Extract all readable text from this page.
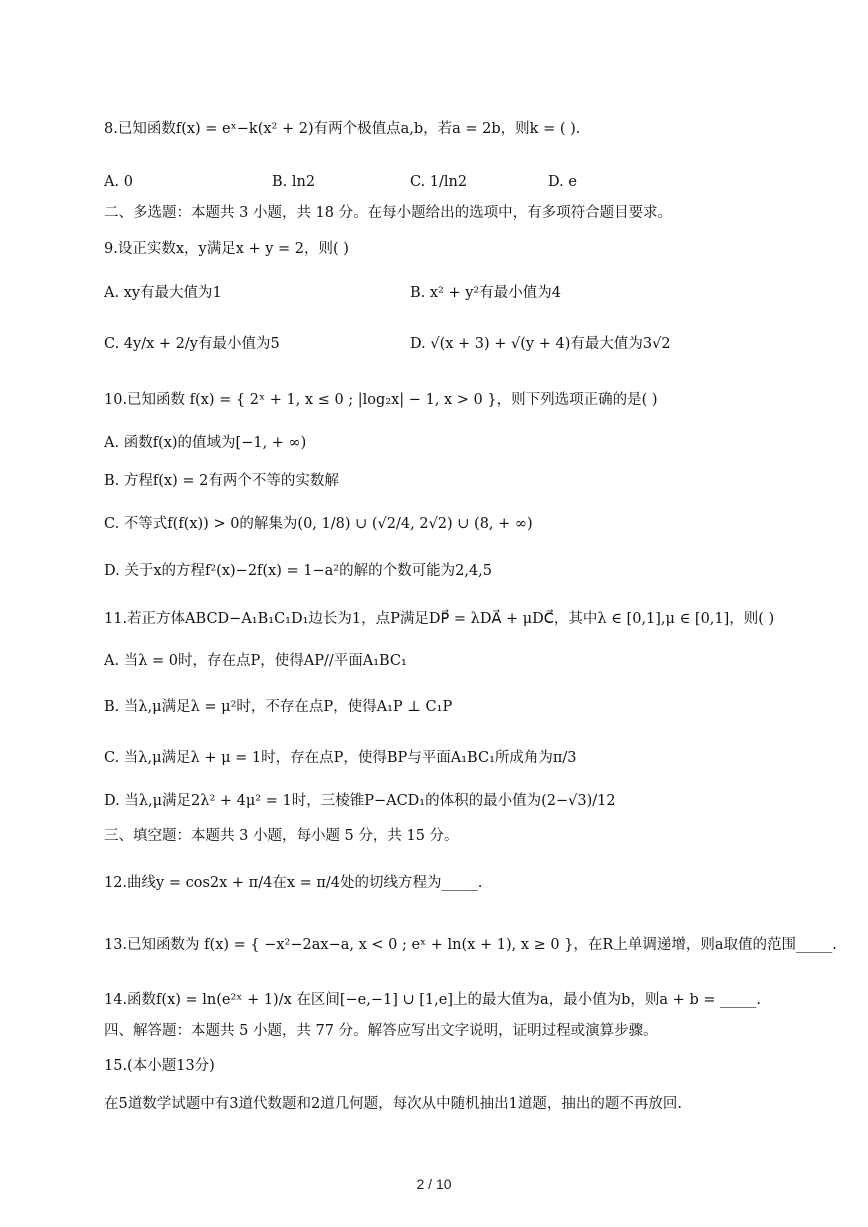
8.已知函数f(x) = eˣ−k(x² + 2)有两个极值点a,b，若a = 2b，则k = ( ).
A. 0	B. ln2	C. 1/ln2	D. e
二、多选题：本题共 3 小题，共 18 分。在每小题给出的选项中，有多项符合题目要求。
9.设正实数x，y满足x + y = 2，则( )
A. xy有最大值为1	B. x² + y²有最小值为4
C. 4y/x + 2/y有最小值为5	D. √(x + 3) + √(y + 4)有最大值为3√2
10.已知函数 f(x) = { 2ˣ + 1, x ≤ 0 ; |log₂x| − 1, x > 0 }，则下列选项正确的是( )
A. 函数f(x)的值域为[−1, + ∞)
B. 方程f(x) = 2有两个不等的实数解
C. 不等式f(f(x)) > 0的解集为(0, 1/8) ∪ (√2/4, 2√2) ∪ (8, + ∞)
D. 关于x的方程f²(x)−2f(x) = 1−a²的解的个数可能为2,4,5
11.若正方体ABCD−A₁B₁C₁D₁边长为1，点P满足DP⃗ = λDA⃗ + μDC⃗，其中λ ∈ [0,1],μ ∈ [0,1]，则( )
A. 当λ = 0时，存在点P，使得AP//平面A₁BC₁
B. 当λ,μ满足λ = μ²时，不存在点P，使得A₁P ⊥ C₁P
C. 当λ,μ满足λ + μ = 1时，存在点P，使得BP与平面A₁BC₁所成角为π/3
D. 当λ,μ满足2λ² + 4μ² = 1时，三棱锥P−ACD₁的体积的最小值为(2−√3)/12
三、填空题：本题共 3 小题，每小题 5 分，共 15 分。
12.曲线y = cos2x + π/4在x = π/4处的切线方程为_____.
13.已知函数为 f(x) = { −x²−2ax−a, x < 0 ; eˣ + ln(x + 1), x ≥ 0 }，在R上单调递增，则a取值的范围_____.
14.函数f(x) = ln(e²ˣ + 1)/x 在区间[−e,−1] ∪ [1,e]上的最大值为a，最小值为b，则a + b = _____.
四、解答题：本题共 5 小题，共 77 分。解答应写出文字说明，证明过程或演算步骤。
15.(本小题13分)
在5道数学试题中有3道代数题和2道几何题，每次从中随机抽出1道题，抽出的题不再放回.
2 / 10
